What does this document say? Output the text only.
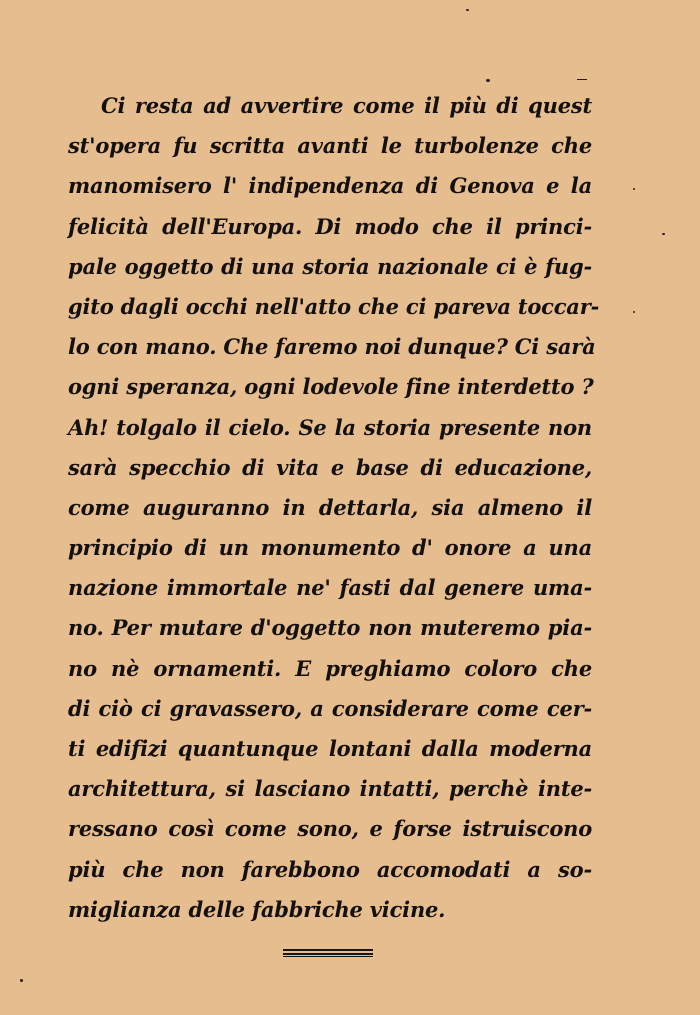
Ci resta ad avvertire come il più di quest
st'opera fu scritta avanti le turbolenze che
manomisero l' indipendenza di Genova e la
felicità dell'Europa. Di modo che il princi-
pale oggetto di una storia nazionale ci è fug-
gito dagli occhi nell'atto che ci pareva toccar-
lo con mano. Che faremo noi dunque? Ci sarà
ogni speranza, ogni lodevole fine interdetto ?
Ah! tolgalo il cielo. Se la storia presente non
sarà specchio di vita e base di educazione,
come auguranno in dettarla, sia almeno il
principio di un monumento d' onore a una
nazione immortale ne' fasti dal genere uma-
no. Per mutare d'oggetto non muteremo pia-
no nè ornamenti. E preghiamo coloro che
di ciò ci gravassero, a considerare come cer-
ti edifizi quantunque lontani dalla moderna
architettura, si lasciano intatti, perchè inte-
ressano così come sono, e forse istruiscono
più che non farebbono accomodati a so-
miglianza delle fabbriche vicine.
